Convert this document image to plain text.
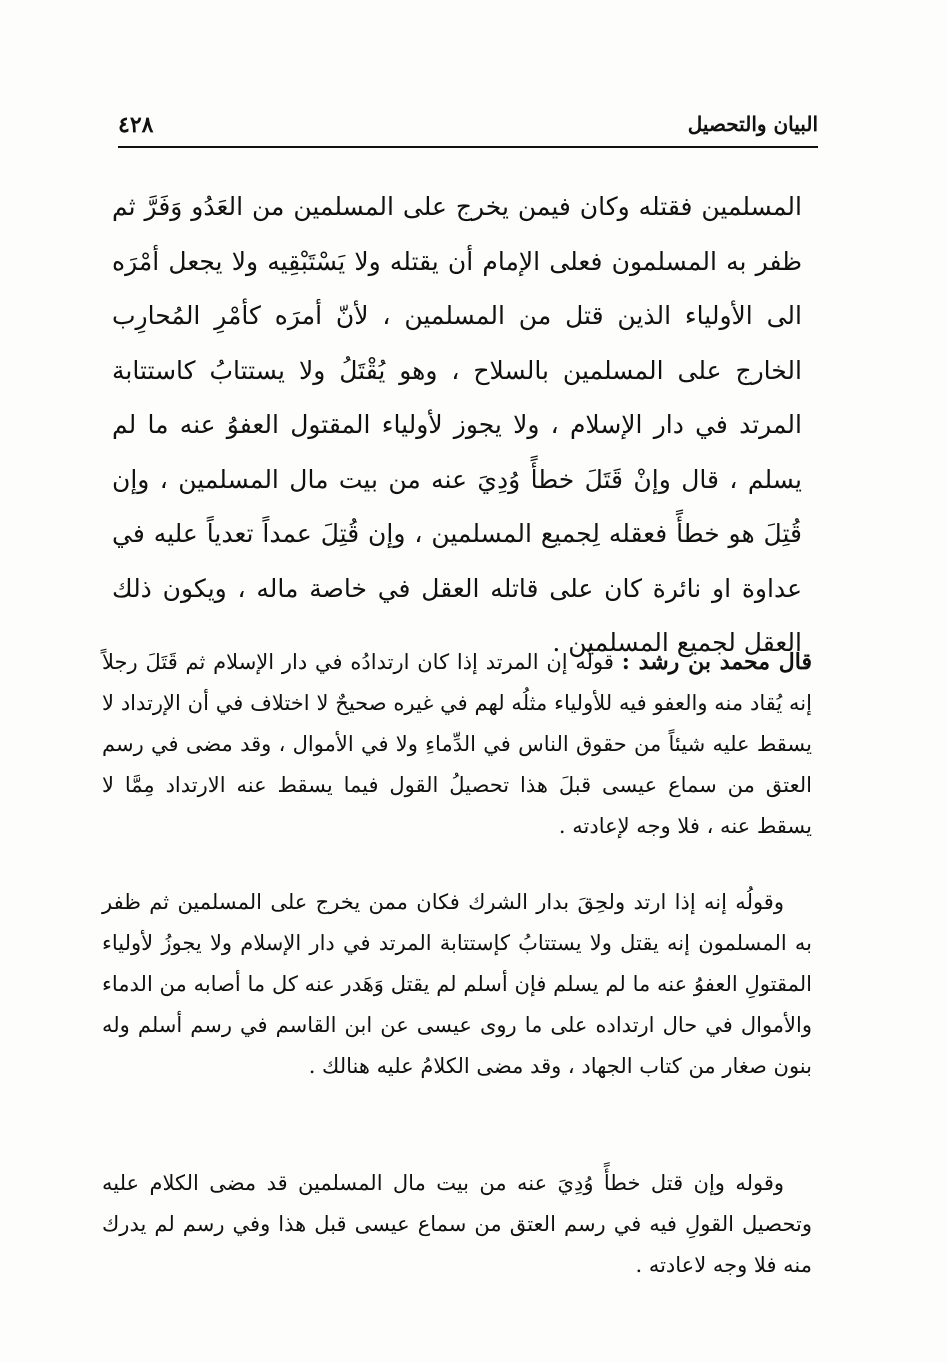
البيان والتحصيل
٤٢٨
المسلمين فقتله وكان فيمن يخرج على المسلمين من العَدُو وَفَرَّ ثم ظفر به المسلمون فعلى الإمام أن يقتله ولا يَسْتَبْقِيه ولا يجعل أمْرَه الى الأولياء الذين قتل من المسلمين ، لأنّ أمرَه كأمْرِ المُحارِب الخارج على المسلمين بالسلاح ، وهو يُقْتَلُ ولا يستتابُ كاستتابة المرتد في دار الإسلام ، ولا يجوز لأولياء المقتول العفوُ عنه ما لم يسلم ، قال وإنْ قَتَلَ خطأً وُدِيَ عنه من بيت مال المسلمين ، وإن قُتِلَ هو خطأً فعقله لِجميع المسلمين ، وإن قُتِلَ عمداً تعدياً عليه في عداوة او نائرة كان على قاتله العقل في خاصة ماله ، ويكون ذلك العقل لجميع المسلمين .
قال محمد بن رشد : قولُه إن المرتد إذا كان ارتدادُه في دار الإسلام ثم قَتَلَ رجلاً إنه يُقاد منه والعفو فيه للأولياء مثلُه لهم في غيره صحيحٌ لا اختلاف في أن الإرتداد لا يسقط عليه شيئاً من حقوق الناس في الدِّماءِ ولا في الأموال ، وقد مضى في رسم العتق من سماع عيسى قبلَ هذا تحصيلُ القول فيما يسقط عنه الارتداد مِمَّا لا يسقط عنه ، فلا وجه لإعادته .
وقولُه إنه إذا ارتد ولحِقَ بدار الشرك فكان ممن يخرج على المسلمين ثم ظفر به المسلمون إنه يقتل ولا يستتابُ كإستتابة المرتد في دار الإسلام ولا يجوزُ لأولياء المقتولِ العفوُ عنه ما لم يسلم فإن أسلم لم يقتل وَهَدر عنه كل ما أصابه من الدماء والأموال في حال ارتداده على ما روى عيسى عن ابن القاسم في رسم أسلم وله بنون صغار من كتاب الجهاد ، وقد مضى الكلامُ عليه هنالك .
وقوله وإن قتل خطأً وُدِيَ عنه من بيت مال المسلمين قد مضى الكلام عليه وتحصيل القولِ فيه في رسم العتق من سماع عيسى قبل هذا وفي رسم لم يدرك منه فلا وجه لاعادته .
